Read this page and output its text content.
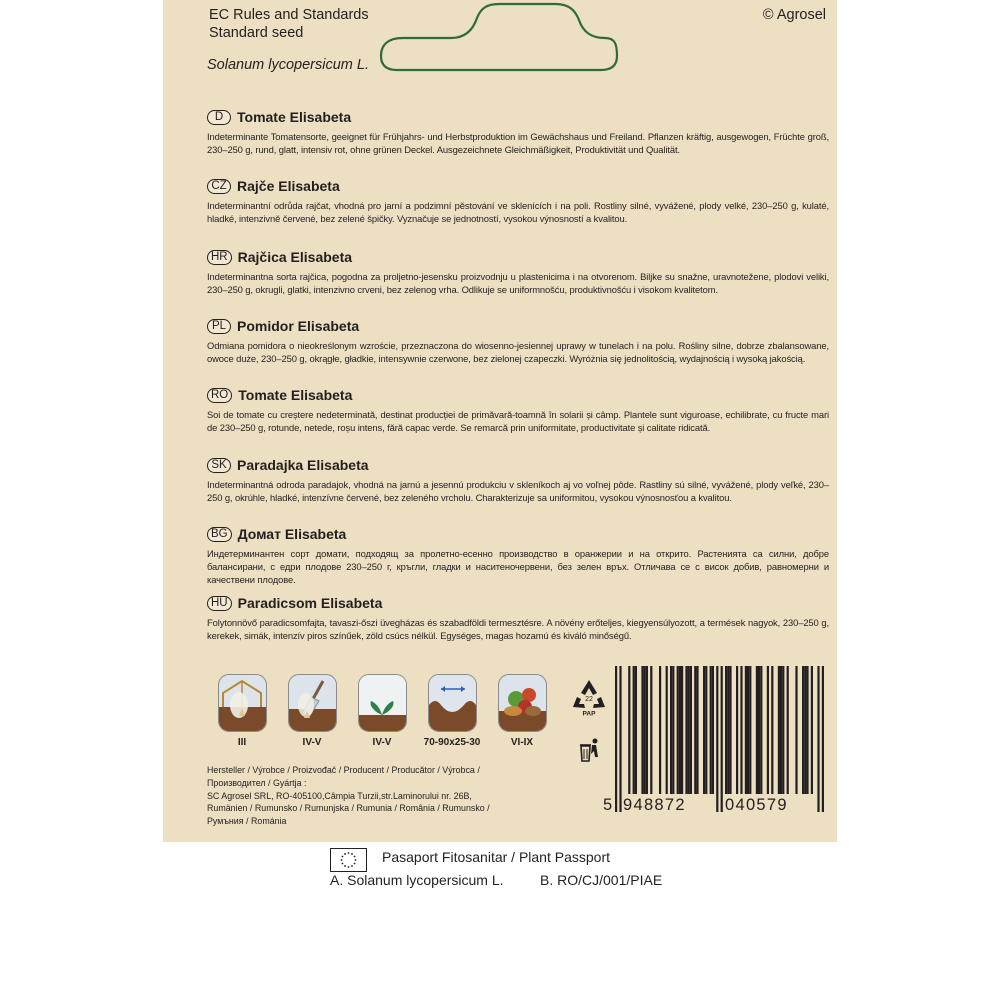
EC Rules and Standards
Standard seed
Solanum lycopersicum L.
© Agrosel
D Tomate Elisabeta
Indeterminante Tomatensorte, geeignet für Frühjahrs- und Herbstproduktion im Gewächshaus und Freiland. Pflanzen kräftig, ausgewogen, Früchte groß, 230–250 g, rund, glatt, intensiv rot, ohne grünen Deckel. Ausgezeichnete Gleichmäßigkeit, Produktivität und Qualität.
CZ Rajče Elisabeta
Indeterminantní odrůda rajčat, vhodná pro jarní a podzimní pěstování ve sklenících i na poli. Rostliny silné, vyvážené, plody velké, 230–250 g, kulaté, hladké, intenzivně červené, bez zelené špičky. Vyznačuje se jednotností, vysokou výnosností a kvalitou.
HR Rajčica Elisabeta
Indeterminantna sorta rajčica, pogodna za proljetno-jesensku proizvodnju u plastenicima i na otvorenom. Biljke su snažne, uravnotežene, plodovi veliki, 230–250 g, okrugli, glatki, intenzivno crveni, bez zelenog vrha. Odlikuje se uniformnošću, produktivnošću i visokom kvalitetom.
PL Pomidor Elisabeta
Odmiana pomidora o nieokreślonym wzroście, przeznaczona do wiosenno-jesiennej uprawy w tunelach i na polu. Rośliny silne, dobrze zbalansowane, owoce duże, 230–250 g, okrągłe, gładkie, intensywnie czerwone, bez zielonej czapeczki. Wyróżnia się jednolitością, wydajnością i wysoką jakością.
RO Tomate Elisabeta
Soi de tomate cu creștere nedeterminată, destinat producției de primăvară-toamnă în solarii și câmp. Plantele sunt viguroase, echilibrate, cu fructe mari de 230–250 g, rotunde, netede, roșu intens, fără capac verde. Se remarcă prin uniformitate, productivitate și calitate ridicată.
SK Paradajka Elisabeta
Indeterminantná odroda paradajok, vhodná na jarnú a jesennú produkciu v skleníkoch aj vo voľnej pôde. Rastliny sú silné, vyvážené, plody veľké, 230–250 g, okrúhle, hladké, intenzívne červené, bez zeleného vrcholu. Charakterizuje sa uniformitou, vysokou výnosnosťou a kvalitou.
BG Домат Elisabeta
Индетерминантен сорт домати, подходящ за пролетно-есенно производство в оранжерии и на открито. Растенията са силни, добре балансирани, с едри плодове 230–250 г, кръгли, гладки и наситеночервени, без зелен връх. Отличава се с висок добив, равномерни и качествени плодове.
HU Paradicsom Elisabeta
Folytonnövő paradicsomfajta, tavaszi-őszi üvegházas és szabadföldi termesztésre. A növény erőteljes, kiegyensúlyozott, a termések nagyok, 230–250 g, kerekek, simák, intenzív piros színűek, zöld csúcs nélkül. Egységes, magas hozamú és kiváló minőségű.
III	IV-V	IV-V	70-90x25-30	VI-IX
22
PAP
Hersteller / Výrobce / Proizvođač / Producent / Producător / Výrobca / Производител / Gyártja :
SC Agrosel SRL, RO-405100,Câmpia Turzii,str.Laminorului nr. 26B,
Rumänien / Rumunsko / Rumunjska / Rumunia / România / Rumunsko / Румъния / Románia
5 948872 040579
Pasaport Fitosanitar / Plant Passport
A. Solanum lycopersicum L.	B. RO/CJ/001/PIAE
